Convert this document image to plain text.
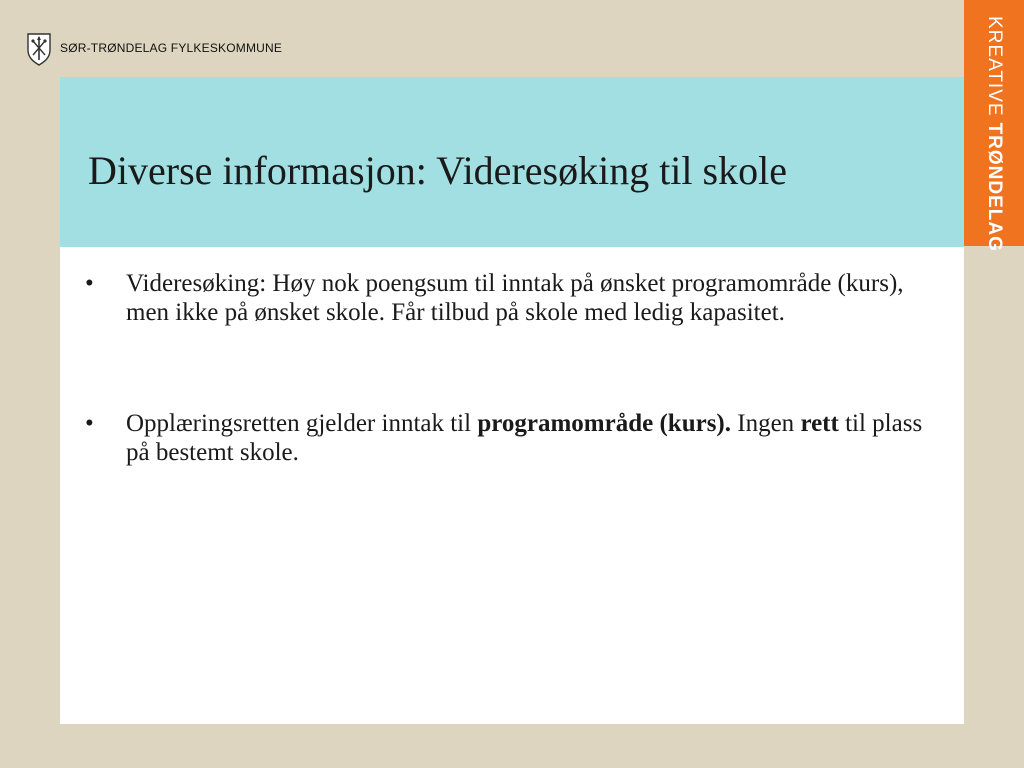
SØR-TRØNDELAG FYLKESKOMMUNE
Diverse informasjon: Videresøking til skole
• Videresøking: Høy nok poengsum til inntak på ønsket programområde (kurs), men ikke på ønsket skole. Får tilbud på skole med ledig kapasitet.
• Opplæringsretten gjelder inntak til programområde (kurs). Ingen rett til plass på bestemt skole.
KREATIVETRØNDELAG
